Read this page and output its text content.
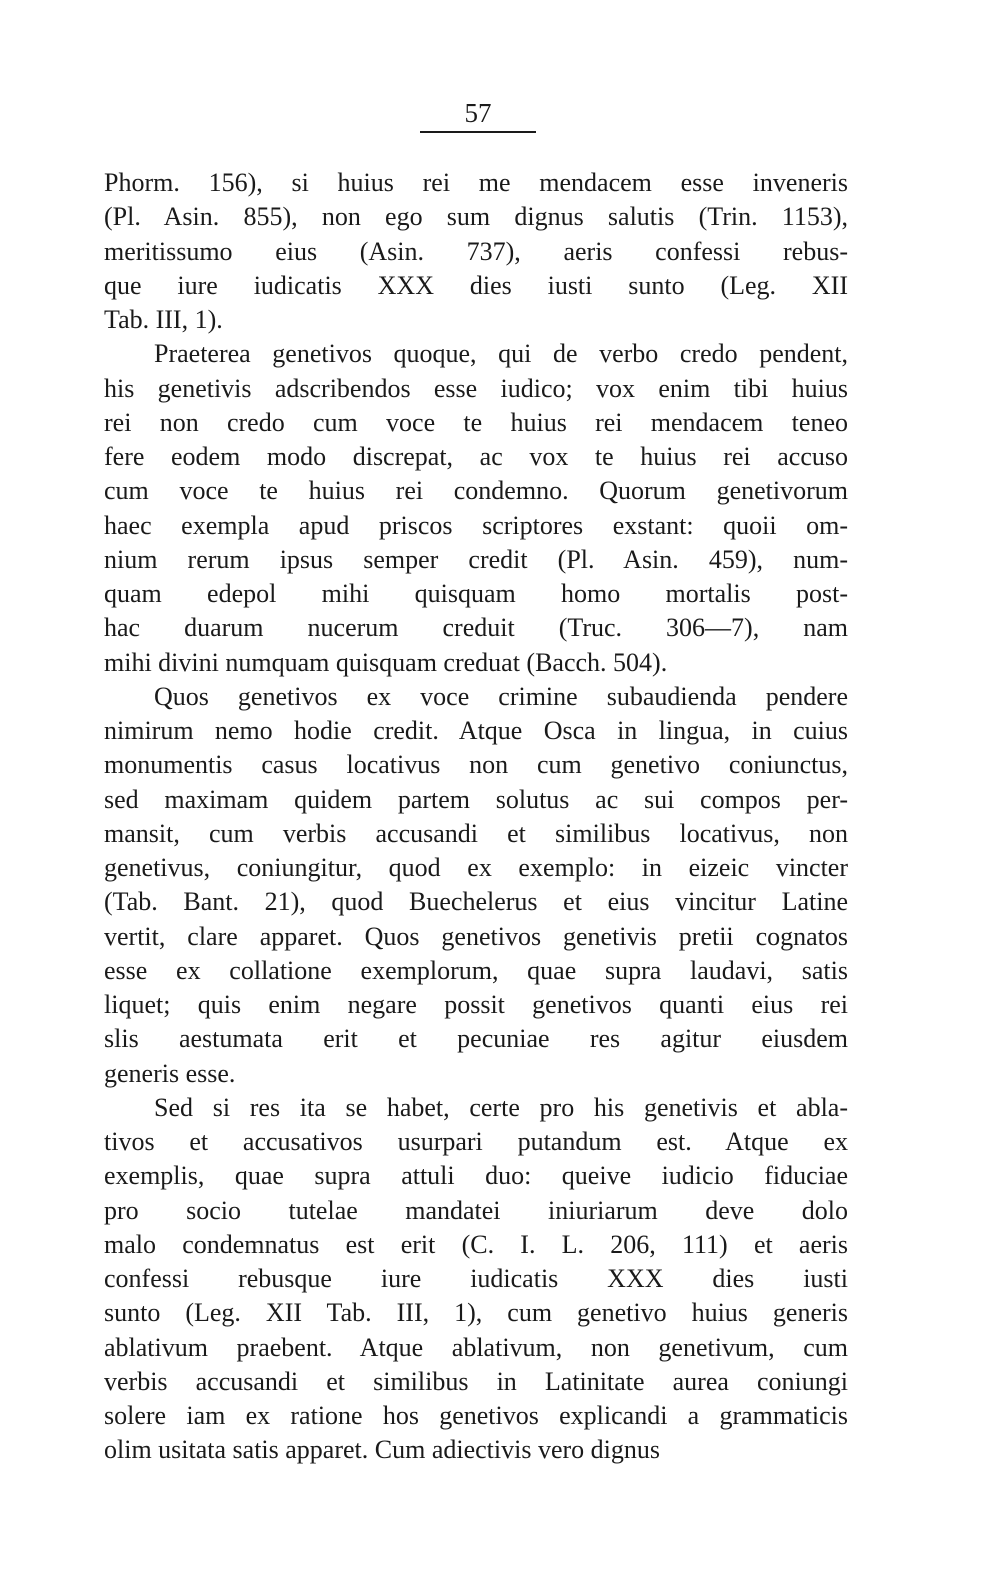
57
Phorm. 156), si huius rei me mendacem esse inveneris
(Pl. Asin. 855), non ego sum dignus salutis (Trin. 1153),
meritissumo eius (Asin. 737), aeris confessi rebus-
que iure iudicatis XXX dies iusti sunto (Leg. XII
Tab. III, 1).
Praeterea genetivos quoque, qui de verbo credo pendent,
his genetivis adscribendos esse iudico; vox enim tibi huius
rei non credo cum voce te huius rei mendacem teneo
fere eodem modo discrepat, ac vox te huius rei accuso
cum voce te huius rei condemno. Quorum genetivorum
haec exempla apud priscos scriptores exstant: quoii om-
nium rerum ipsus semper credit (Pl. Asin. 459), num-
quam edepol mihi quisquam homo mortalis post-
hac duarum nucerum creduit (Truc. 306—7), nam
mihi divini numquam quisquam creduat (Bacch. 504).
Quos genetivos ex voce crimine subaudienda pendere
nimirum nemo hodie credit. Atque Osca in lingua, in cuius
monumentis casus locativus non cum genetivo coniunctus,
sed maximam quidem partem solutus ac sui compos per-
mansit, cum verbis accusandi et similibus locativus, non
genetivus, coniungitur, quod ex exemplo: in eizeic vincter
(Tab. Bant. 21), quod Buechelerus et eius vincitur Latine
vertit, clare apparet. Quos genetivos genetivis pretii cognatos
esse ex collatione exemplorum, quae supra laudavi, satis
liquet; quis enim negare possit genetivos quanti eius rei
slis aestumata erit et pecuniae res agitur eiusdem
generis esse.
Sed si res ita se habet, certe pro his genetivis et abla-
tivos et accusativos usurpari putandum est. Atque ex
exemplis, quae supra attuli duo: queive iudicio fiduciae
pro socio tutelae mandatei iniuriarum deve dolo
malo condemnatus est erit (C. I. L. 206, 111) et aeris
confessi rebusque iure iudicatis XXX dies iusti
sunto (Leg. XII Tab. III, 1), cum genetivo huius generis
ablativum praebent. Atque ablativum, non genetivum, cum
verbis accusandi et similibus in Latinitate aurea coniungi
solere iam ex ratione hos genetivos explicandi a grammaticis
olim usitata satis apparet. Cum adiectivis vero dignus
